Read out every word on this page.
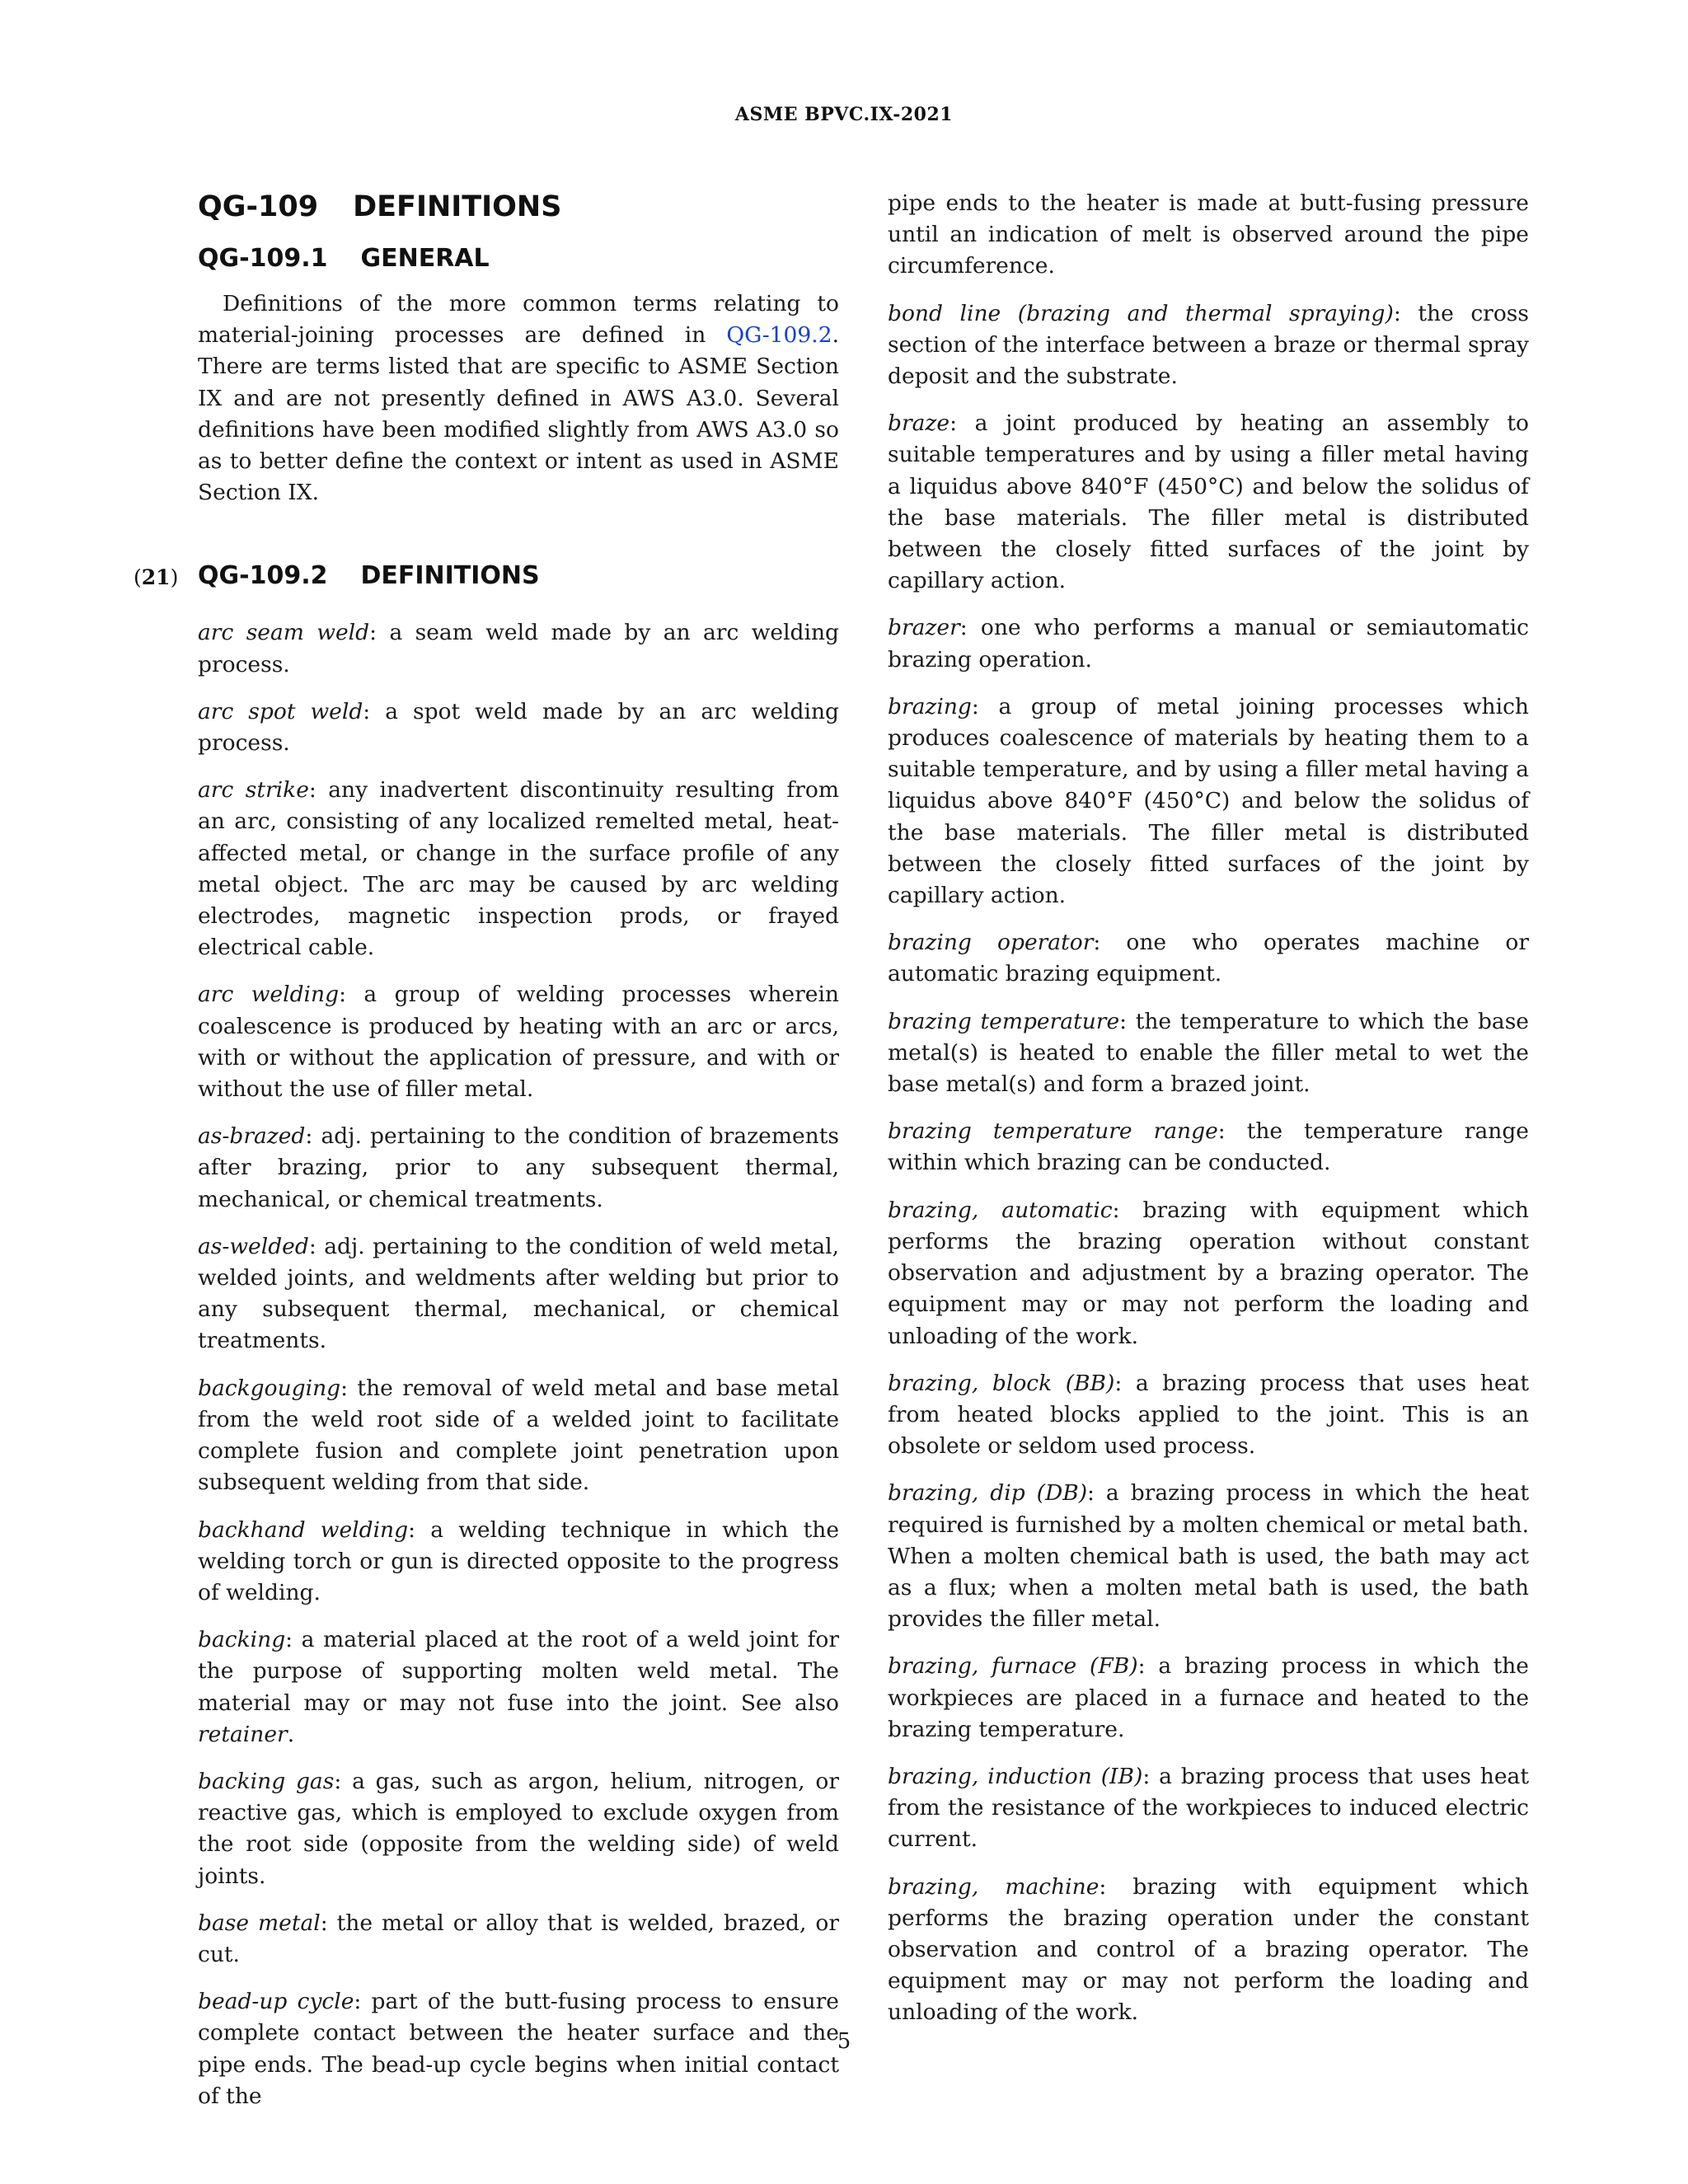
ASME BPVC.IX-2021
QG-109 DEFINITIONS
QG-109.1 GENERAL

Definitions of the more common terms relating to material-joining processes are defined in QG-109.2. There are terms listed that are specific to ASME Section IX and are not presently defined in AWS A3.0. Several definitions have been modified slightly from AWS A3.0 so as to better define the context or intent as used in ASME Section IX.

(21) QG-109.2 DEFINITIONS

arc seam weld: a seam weld made by an arc welding process.

arc spot weld: a spot weld made by an arc welding process.

arc strike: any inadvertent discontinuity resulting from an arc, consisting of any localized remelted metal, heat-affected metal, or change in the surface profile of any metal object. The arc may be caused by arc welding electrodes, magnetic inspection prods, or frayed electrical cable.

arc welding: a group of welding processes wherein coalescence is produced by heating with an arc or arcs, with or without the application of pressure, and with or without the use of filler metal.

as-brazed: adj. pertaining to the condition of brazements after brazing, prior to any subsequent thermal, mechanical, or chemical treatments.

as-welded: adj. pertaining to the condition of weld metal, welded joints, and weldments after welding but prior to any subsequent thermal, mechanical, or chemical treatments.

backgouging: the removal of weld metal and base metal from the weld root side of a welded joint to facilitate complete fusion and complete joint penetration upon subsequent welding from that side.

backhand welding: a welding technique in which the welding torch or gun is directed opposite to the progress of welding.

backing: a material placed at the root of a weld joint for the purpose of supporting molten weld metal. The material may or may not fuse into the joint. See also retainer.

backing gas: a gas, such as argon, helium, nitrogen, or reactive gas, which is employed to exclude oxygen from the root side (opposite from the welding side) of weld joints.

base metal: the metal or alloy that is welded, brazed, or cut.

bead-up cycle: part of the butt-fusing process to ensure complete contact between the heater surface and the pipe ends. The bead-up cycle begins when initial contact of the

pipe ends to the heater is made at butt-fusing pressure until an indication of melt is observed around the pipe circumference.

bond line (brazing and thermal spraying): the cross section of the interface between a braze or thermal spray deposit and the substrate.

braze: a joint produced by heating an assembly to suitable temperatures and by using a filler metal having a liquidus above 840°F (450°C) and below the solidus of the base materials. The filler metal is distributed between the closely fitted surfaces of the joint by capillary action.

brazer: one who performs a manual or semiautomatic brazing operation.

brazing: a group of metal joining processes which produces coalescence of materials by heating them to a suitable temperature, and by using a filler metal having a liquidus above 840°F (450°C) and below the solidus of the base materials. The filler metal is distributed between the closely fitted surfaces of the joint by capillary action.

brazing operator: one who operates machine or automatic brazing equipment.

brazing temperature: the temperature to which the base metal(s) is heated to enable the filler metal to wet the base metal(s) and form a brazed joint.

brazing temperature range: the temperature range within which brazing can be conducted.

brazing, automatic: brazing with equipment which performs the brazing operation without constant observation and adjustment by a brazing operator. The equipment may or may not perform the loading and unloading of the work.

brazing, block (BB): a brazing process that uses heat from heated blocks applied to the joint. This is an obsolete or seldom used process.

brazing, dip (DB): a brazing process in which the heat required is furnished by a molten chemical or metal bath. When a molten chemical bath is used, the bath may act as a flux; when a molten metal bath is used, the bath provides the filler metal.

brazing, furnace (FB): a brazing process in which the workpieces are placed in a furnace and heated to the brazing temperature.

brazing, induction (IB): a brazing process that uses heat from the resistance of the workpieces to induced electric current.

brazing, machine: brazing with equipment which performs the brazing operation under the constant observation and control of a brazing operator. The equipment may or may not perform the loading and unloading of the work.

5
